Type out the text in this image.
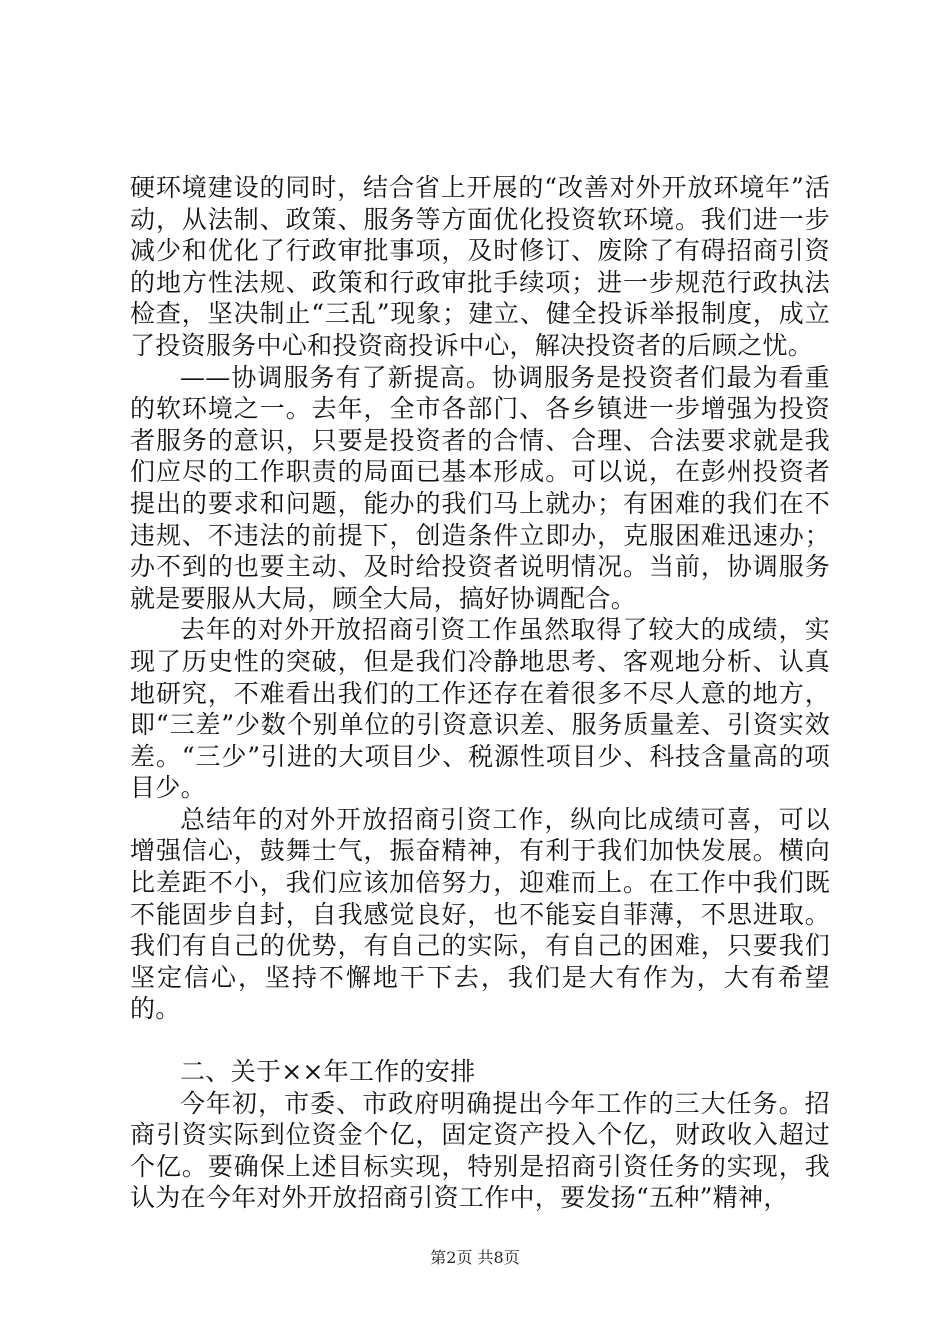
硬环境建设的同时，结合省上开展的“改善对外开放环境年”活动，从法制、政策、服务等方面优化投资软环境。我们进一步减少和优化了行政审批事项，及时修订、废除了有碍招商引资的地方性法规、政策和行政审批手续项；进一步规范行政执法检查，坚决制止“三乱”现象；建立、健全投诉举报制度，成立了投资服务中心和投资商投诉中心，解决投资者的后顾之忧。

——协调服务有了新提高。协调服务是投资者们最为看重的软环境之一。去年，全市各部门、各乡镇进一步增强为投资者服务的意识，只要是投资者的合情、合理、合法要求就是我们应尽的工作职责的局面已基本形成。可以说，在彭州投资者提出的要求和问题，能办的我们马上就办；有困难的我们在不违规、不违法的前提下，创造条件立即办，克服困难迅速办；办不到的也要主动、及时给投资者说明情况。当前，协调服务就是要服从大局，顾全大局，搞好协调配合。

去年的对外开放招商引资工作虽然取得了较大的成绩，实现了历史性的突破，但是我们冷静地思考、客观地分析、认真地研究，不难看出我们的工作还存在着很多不尽人意的地方，即“三差”少数个别单位的引资意识差、服务质量差、引资实效差。“三少”引进的大项目少、税源性项目少、科技含量高的项目少。

总结年的对外开放招商引资工作，纵向比成绩可喜，可以增强信心，鼓舞士气，振奋精神，有利于我们加快发展。横向比差距不小，我们应该加倍努力，迎难而上。在工作中我们既不能固步自封，自我感觉良好，也不能妄自菲薄，不思进取。我们有自己的优势，有自己的实际，有自己的困难，只要我们坚定信心，坚持不懈地干下去，我们是大有作为，大有希望的。

二、关于××年工作的安排

今年初，市委、市政府明确提出今年工作的三大任务。招商引资实际到位资金个亿，固定资产投入个亿，财政收入超过个亿。要确保上述目标实现，特别是招商引资任务的实现，我认为在今年对外开放招商引资工作中，要发扬“五种”精神，

第2页 共8页
